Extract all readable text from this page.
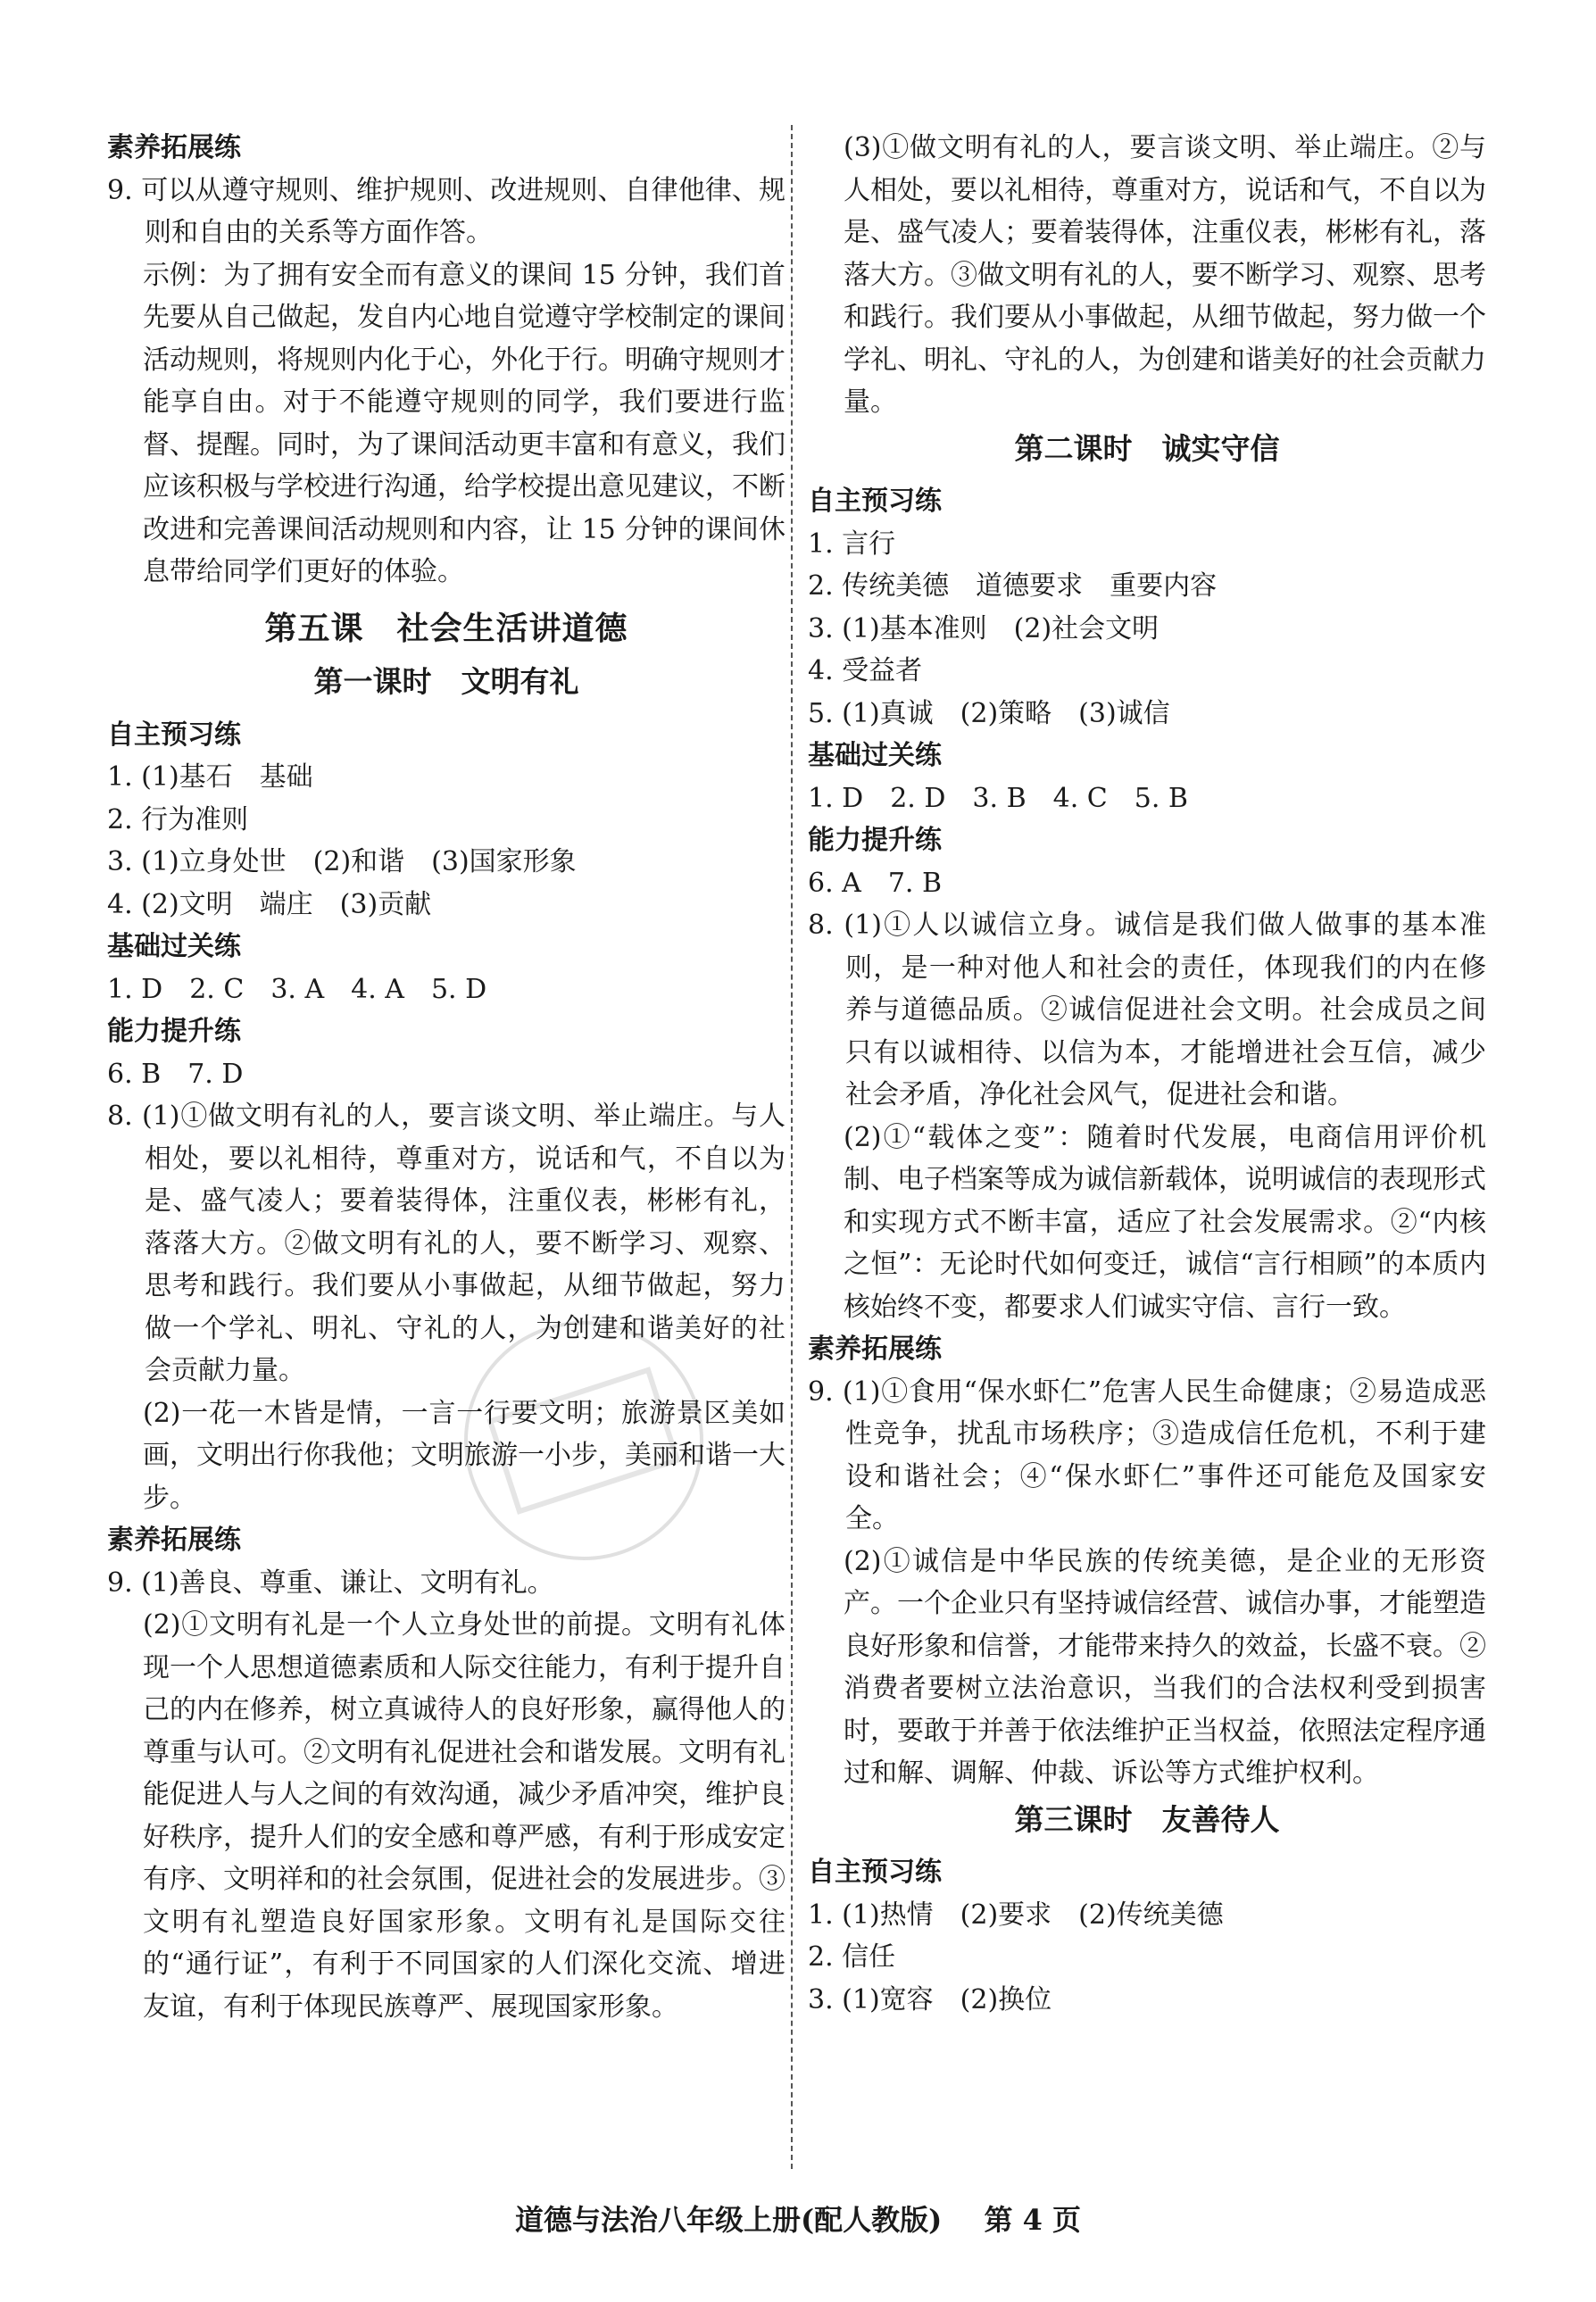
素养拓展练
9. 可以从遵守规则、维护规则、改进规则、自律他律、规则和自由的关系等方面作答。
示例：为了拥有安全而有意义的课间 15 分钟，我们首先要从自己做起，发自内心地自觉遵守学校制定的课间活动规则，将规则内化于心，外化于行。明确守规则才能享自由。对于不能遵守规则的同学，我们要进行监督、提醒。同时，为了课间活动更丰富和有意义，我们应该积极与学校进行沟通，给学校提出意见建议，不断改进和完善课间活动规则和内容，让 15 分钟的课间休息带给同学们更好的体验。
第五课　社会生活讲道德
第一课时　文明有礼
自主预习练
1. (1)基石　基础
2. 行为准则
3. (1)立身处世　(2)和谐　(3)国家形象
4. (2)文明　端庄　(3)贡献
基础过关练
1. D　2. C　3. A　4. A　5. D
能力提升练
6. B　7. D
8. (1)①做文明有礼的人，要言谈文明、举止端庄。与人相处，要以礼相待，尊重对方，说话和气，不自以为是、盛气凌人；要着装得体，注重仪表，彬彬有礼，落落大方。②做文明有礼的人，要不断学习、观察、思考和践行。我们要从小事做起，从细节做起，努力做一个学礼、明礼、守礼的人，为创建和谐美好的社会贡献力量。
(2)一花一木皆是情，一言一行要文明；旅游景区美如画，文明出行你我他；文明旅游一小步，美丽和谐一大步。
素养拓展练
9. (1)善良、尊重、谦让、文明有礼。
(2)①文明有礼是一个人立身处世的前提。文明有礼体现一个人思想道德素质和人际交往能力，有利于提升自己的内在修养，树立真诚待人的良好形象，赢得他人的尊重与认可。②文明有礼促进社会和谐发展。文明有礼能促进人与人之间的有效沟通，减少矛盾冲突，维护良好秩序，提升人们的安全感和尊严感，有利于形成安定有序、文明祥和的社会氛围，促进社会的发展进步。③文明有礼塑造良好国家形象。文明有礼是国际交往的“通行证”，有利于不同国家的人们深化交流、增进友谊，有利于体现民族尊严、展现国家形象。
(3)①做文明有礼的人，要言谈文明、举止端庄。②与人相处，要以礼相待，尊重对方，说话和气，不自以为是、盛气凌人；要着装得体，注重仪表，彬彬有礼，落落大方。③做文明有礼的人，要不断学习、观察、思考和践行。我们要从小事做起，从细节做起，努力做一个学礼、明礼、守礼的人，为创建和谐美好的社会贡献力量。
第二课时　诚实守信
自主预习练
1. 言行
2. 传统美德　道德要求　重要内容
3. (1)基本准则　(2)社会文明
4. 受益者
5. (1)真诚　(2)策略　(3)诚信
基础过关练
1. D　2. D　3. B　4. C　5. B
能力提升练
6. A　7. B
8. (1)①人以诚信立身。诚信是我们做人做事的基本准则，是一种对他人和社会的责任，体现我们的内在修养与道德品质。②诚信促进社会文明。社会成员之间只有以诚相待、以信为本，才能增进社会互信，减少社会矛盾，净化社会风气，促进社会和谐。
(2)①“载体之变”：随着时代发展，电商信用评价机制、电子档案等成为诚信新载体，说明诚信的表现形式和实现方式不断丰富，适应了社会发展需求。②“内核之恒”：无论时代如何变迁，诚信“言行相顾”的本质内核始终不变，都要求人们诚实守信、言行一致。
素养拓展练
9. (1)①食用“保水虾仁”危害人民生命健康；②易造成恶性竞争，扰乱市场秩序；③造成信任危机，不利于建设和谐社会；④“保水虾仁”事件还可能危及国家安全。
(2)①诚信是中华民族的传统美德，是企业的无形资产。一个企业只有坚持诚信经营、诚信办事，才能塑造良好形象和信誉，才能带来持久的效益，长盛不衰。②消费者要树立法治意识，当我们的合法权利受到损害时，要敢于并善于依法维护正当权益，依照法定程序通过和解、调解、仲裁、诉讼等方式维护权利。
第三课时　友善待人
自主预习练
1. (1)热情　(2)要求　(2)传统美德
2. 信任
3. (1)宽容　(2)换位
道德与法治八年级上册(配人教版) 第 4 页
